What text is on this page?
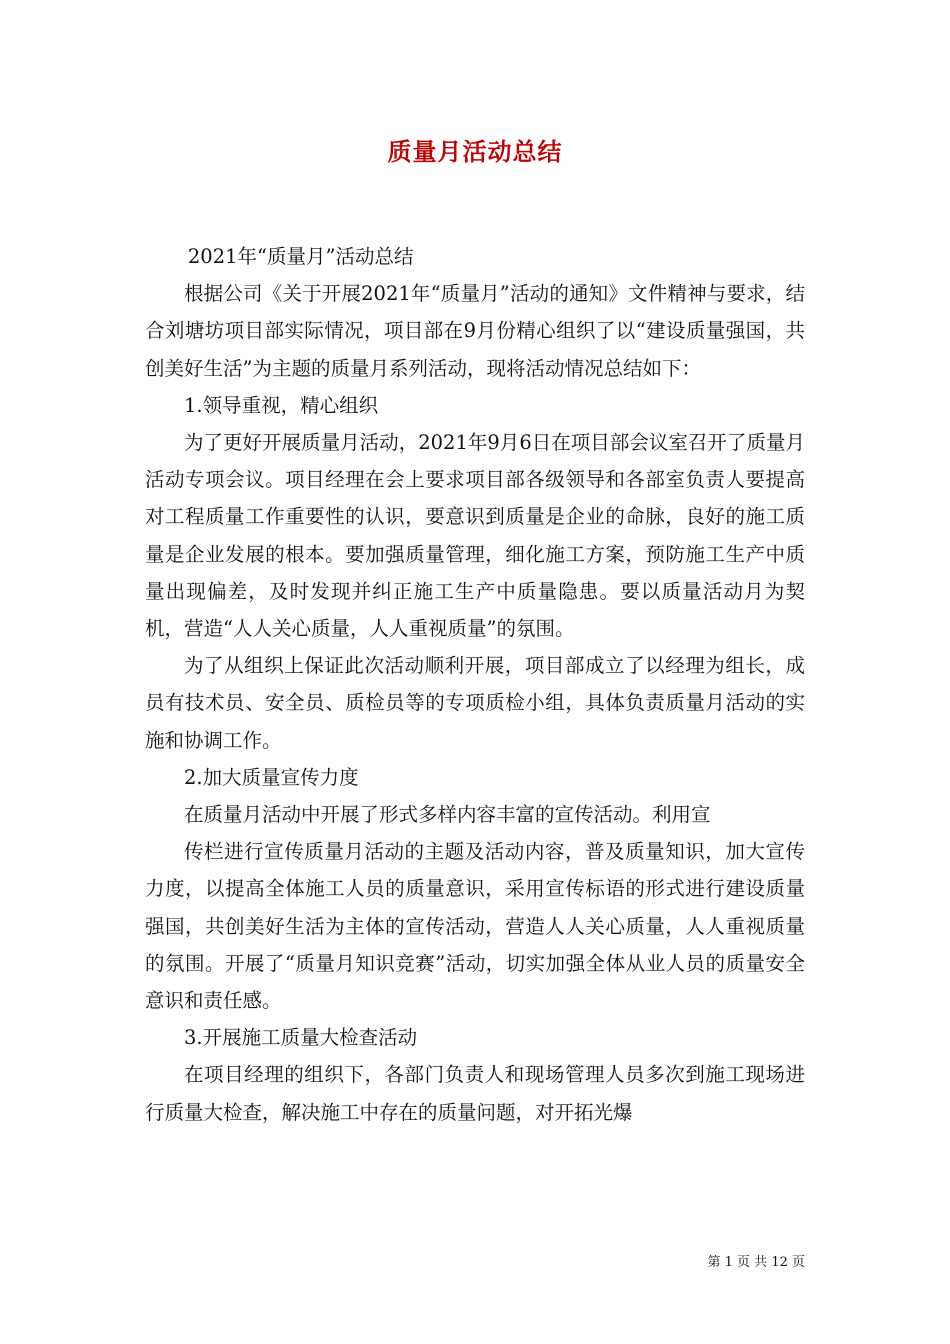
质量月活动总结

2021年“质量月”活动总结

根据公司《关于开展2021年“质量月”活动的通知》文件精神与要求，结合刘塘坊项目部实际情况，项目部在9月份精心组织了以“建设质量强国，共创美好生活”为主题的质量月系列活动，现将活动情况总结如下：

1.领导重视，精心组织

为了更好开展质量月活动，2021年9月6日在项目部会议室召开了质量月活动专项会议。项目经理在会上要求项目部各级领导和各部室负责人要提高对工程质量工作重要性的认识，要意识到质量是企业的命脉，良好的施工质量是企业发展的根本。要加强质量管理，细化施工方案，预防施工生产中质量出现偏差，及时发现并纠正施工生产中质量隐患。要以质量活动月为契机，营造“人人关心质量，人人重视质量”的氛围。

为了从组织上保证此次活动顺利开展，项目部成立了以经理为组长，成员有技术员、安全员、质检员等的专项质检小组，具体负责质量月活动的实施和协调工作。

2.加大质量宣传力度

在质量月活动中开展了形式多样内容丰富的宣传活动。利用宣

传栏进行宣传质量月活动的主题及活动内容，普及质量知识，加大宣传力度，以提高全体施工人员的质量意识，采用宣传标语的形式进行建设质量强国，共创美好生活为主体的宣传活动，营造人人关心质量，人人重视质量的氛围。开展了“质量月知识竞赛”活动，切实加强全体从业人员的质量安全意识和责任感。

3.开展施工质量大检查活动

在项目经理的组织下，各部门负责人和现场管理人员多次到施工现场进行质量大检查，解决施工中存在的质量问题，对开拓光爆

第 1 页 共 12 页
